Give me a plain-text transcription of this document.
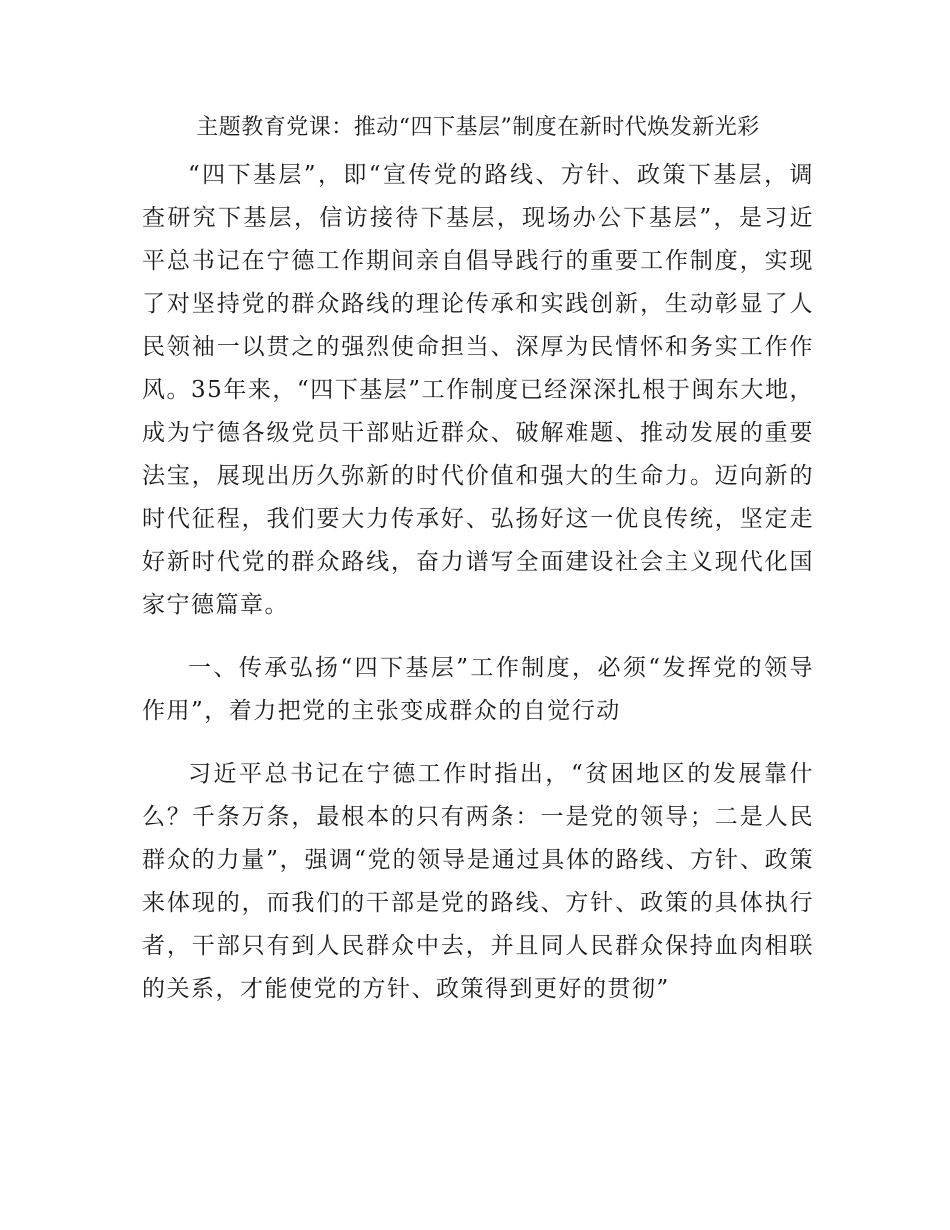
主题教育党课：推动“四下基层”制度在新时代焕发新光彩

“四下基层”，即“宣传党的路线、方针、政策下基层，调查研究下基层，信访接待下基层，现场办公下基层”，是习近平总书记在宁德工作期间亲自倡导践行的重要工作制度，实现了对坚持党的群众路线的理论传承和实践创新，生动彰显了人民领袖一以贯之的强烈使命担当、深厚为民情怀和务实工作作风。35年来，“四下基层”工作制度已经深深扎根于闽东大地，成为宁德各级党员干部贴近群众、破解难题、推动发展的重要法宝，展现出历久弥新的时代价值和强大的生命力。迈向新的时代征程，我们要大力传承好、弘扬好这一优良传统，坚定走好新时代党的群众路线，奋力谱写全面建设社会主义现代化国家宁德篇章。

一、传承弘扬“四下基层”工作制度，必须“发挥党的领导作用”，着力把党的主张变成群众的自觉行动

习近平总书记在宁德工作时指出，“贫困地区的发展靠什么？千条万条，最根本的只有两条：一是党的领导；二是人民群众的力量”，强调“党的领导是通过具体的路线、方针、政策来体现的，而我们的干部是党的路线、方针、政策的具体执行者，干部只有到人民群众中去，并且同人民群众保持血肉相联的关系，才能使党的方针、政策得到更好的贯彻”
